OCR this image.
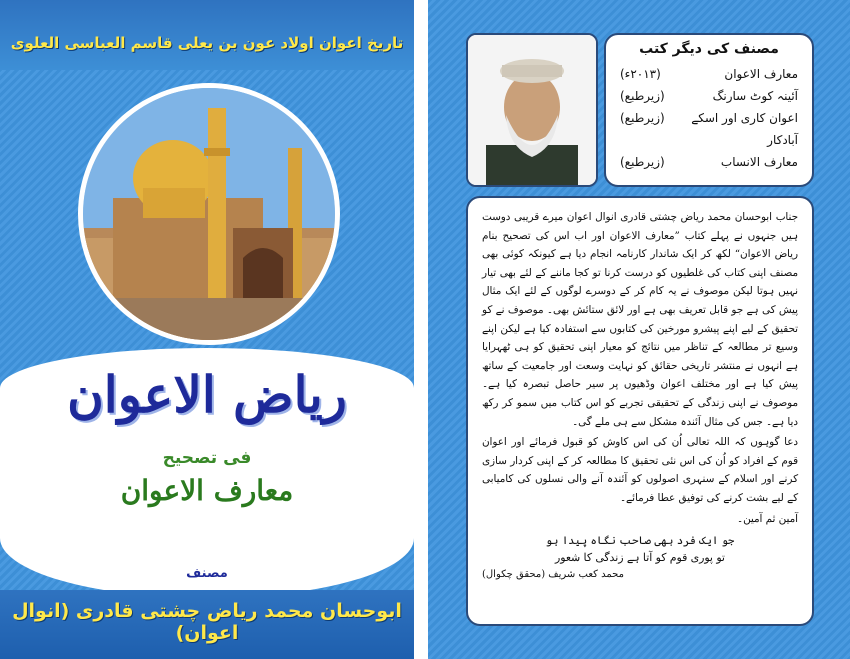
تاریخ اعوان اولاد عون بن یعلی قاسم العباسی العلوی
ریاض الاعوان
فی تصحیح
معارف الاعوان
مصنف
ابوحسان محمد ریاض چشتی قادری (انوال اعوان)
مصنف کی دیگر کتب
معارف الاعوان
(۲۰۱۳ء)
آئینہ کوٹ سارنگ
(زیرطبع)
اعوان کاری اور اسکے آبادکار
(زیرطبع)
معارف الانساب
(زیرطبع)

جناب ابوحسان محمد ریاض چشتی قادری انوال اعوان میرے قریبی دوست ہیں جنہوں نے پہلے کتاب ”معارف الاعوان اور اب اس کی تصحیح بنام ریاض الاعوان“ لکھ کر ایک شاندار کارنامہ انجام دیا ہے کیونکہ کوئی بھی مصنف اپنی کتاب کی غلطیوں کو درست کرنا تو کجا ماننے کے لئے بھی تیار نہیں ہوتا لیکن موصوف نے یہ کام کر کے دوسرے لوگوں کے لئے ایک مثال پیش کی ہے جو قابل تعریف بھی ہے اور لائق ستائش بھی۔ موصوف نے کو تحقیق کے لیے اپنے پیشرو مورخین کی کتابوں سے استفادہ کیا ہے لیکن اپنے وسیع تر مطالعہ کے تناظر میں نتائج کو معیار اپنی تحقیق کو ہی ٹھہرایا ہے انہوں نے منتشر تاریخی حقائق کو نہایت وسعت اور جامعیت کے ساتھ پیش کیا ہے اور مختلف اعوان وڈھیوں پر سیر حاصل تبصرہ کیا ہے۔ موصوف نے اپنی زندگی کے تحقیقی تجربے کو اس کتاب میں سمو کر رکھ دیا ہے۔ جس کی مثال آئندہ مشکل سے ہی ملے گی۔

دعا گوہوں کہ اللہ تعالی اُن کی اس کاوش کو قبول فرمائے اور اعوان قوم کے افراد کو اُن کی اس نئی تحقیق کا مطالعہ کر کے اپنی کردار سازی کرنے اور اسلام کے سنہری اصولوں کو آئندہ آنے والی نسلوں کی کامیابی کے لیے بشت کرنے کی توفیق عطا فرمائے۔

آمین ثم آمین۔

جو ایک فرد بھی صاحب نگاہ پیدا ہو
تو پوری قوم کو آتا ہے زندگی کا شعور
محمد کعب شریف (محقق چکوال)
